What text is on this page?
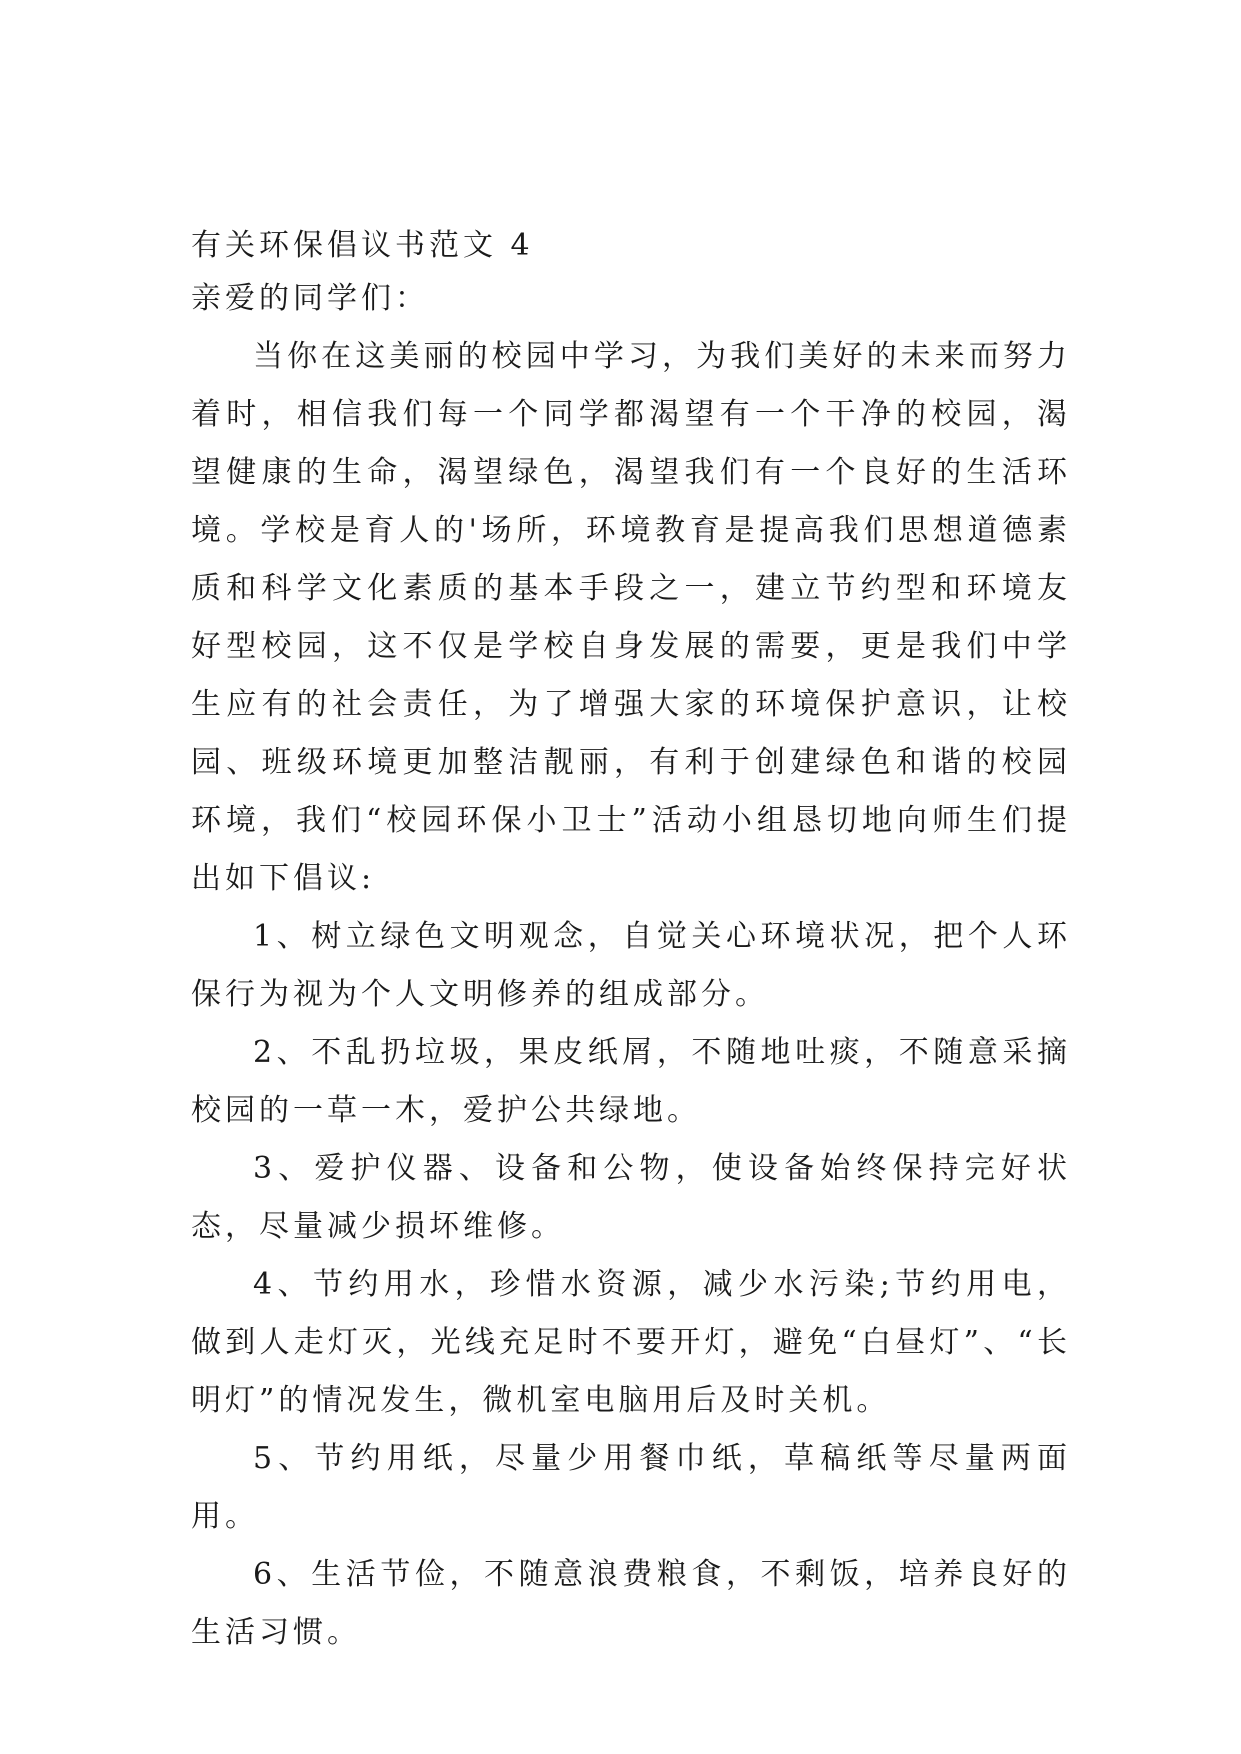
有关环保倡议书范文 4

亲爱的同学们：

当你在这美丽的校园中学习，为我们美好的未来而努力着时，相信我们每一个同学都渴望有一个干净的校园，渴望健康的生命，渴望绿色，渴望我们有一个良好的生活环境。学校是育人的'场所，环境教育是提高我们思想道德素质和科学文化素质的基本手段之一，建立节约型和环境友好型校园，这不仅是学校自身发展的需要，更是我们中学生应有的社会责任，为了增强大家的环境保护意识，让校园、班级环境更加整洁靓丽，有利于创建绿色和谐的校园环境，我们“校园环保小卫士”活动小组恳切地向师生们提出如下倡议:

1、树立绿色文明观念，自觉关心环境状况，把个人环保行为视为个人文明修养的组成部分。

2、不乱扔垃圾，果皮纸屑，不随地吐痰，不随意采摘校园的一草一木，爱护公共绿地。

3、爱护仪器、设备和公物，使设备始终保持完好状态，尽量减少损坏维修。

4、节约用水，珍惜水资源，减少水污染;节约用电，做到人走灯灭，光线充足时不要开灯，避免“白昼灯”、“长明灯”的情况发生，微机室电脑用后及时关机。

5、节约用纸，尽量少用餐巾纸，草稿纸等尽量两面用。

6、生活节俭，不随意浪费粮食，不剩饭，培养良好的生活习惯。
